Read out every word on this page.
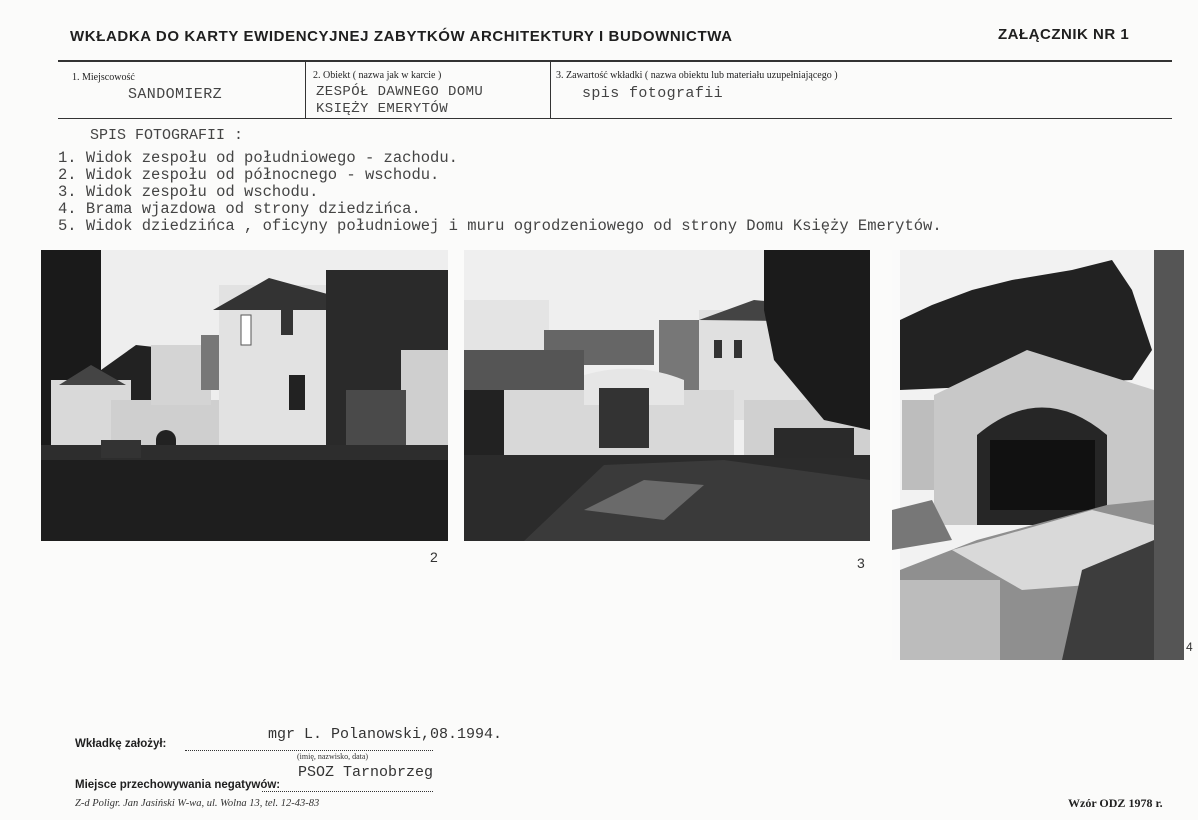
WKŁADKA DO KARTY EWIDENCYJNEJ ZABYTKÓW ARCHITEKTURY I BUDOWNICTWA	ZAŁĄCZNIK NR 1
1. Miejscowość
SANDOMIERZ
2. Obiekt ( nazwa jak w karcie )
ZESPÓŁ DAWNEGO DOMU
KSIĘŻY EMERYTÓW
3. Zawartość wkładki ( nazwa obiektu lub materiału uzupełniającego )
spis fotografii
SPIS FOTOGRAFII :
1. Widok zespołu od południowego - zachodu.
2. Widok zespołu od północnego - wschodu.
3. Widok zespołu od wschodu.
4. Brama wjazdowa od strony dziedzińca.
5. Widok dziedzińca , oficyny południowej i muru ogrodzeniowego od strony Domu Księży Emerytów.
2	3
4
Wkładkę założył:
mgr L. Polanowski,08.1994.
(imię, nazwisko, data)
Miejsce przechowywania negatywów:
PSOZ Tarnobrzeg
Z-d Poligr. Jan Jasiński W-wa, ul. Wolna 13, tel. 12-43-83	Wzór ODZ 1978 r.
